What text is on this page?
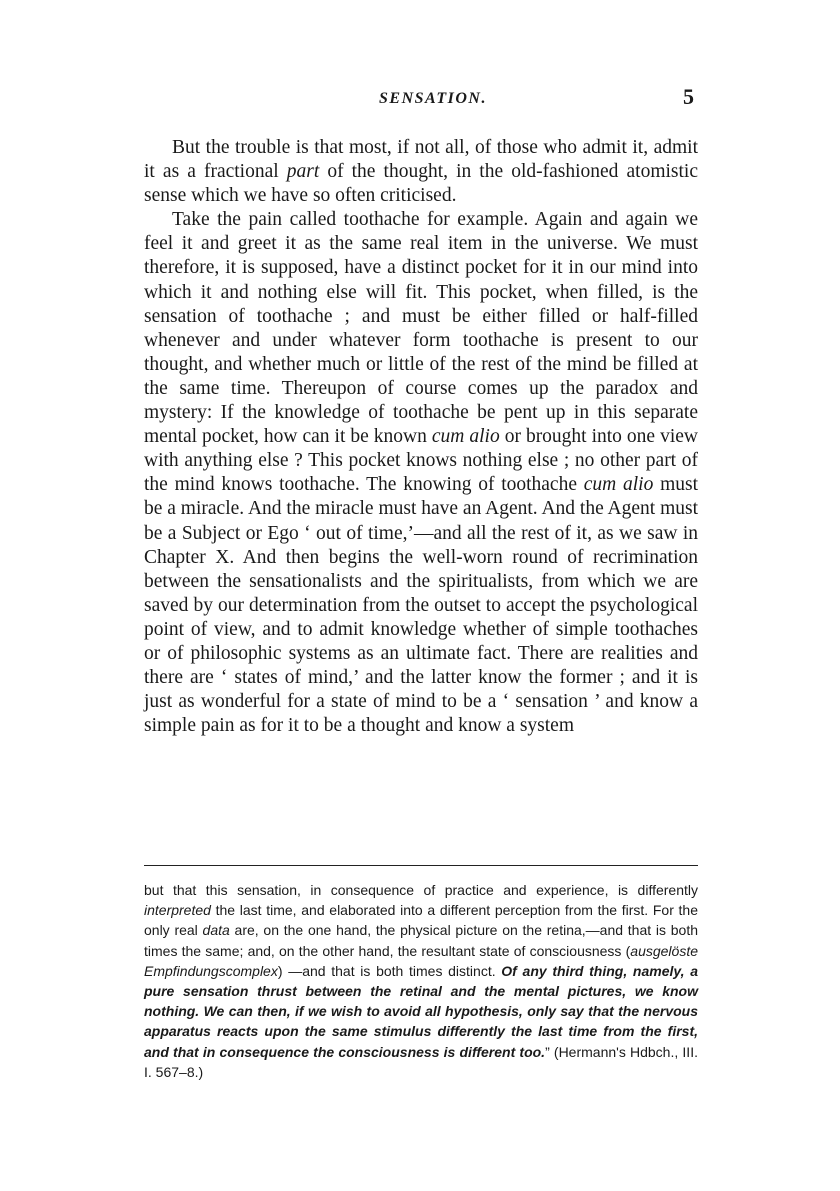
SENSATION.	5

But the trouble is that most, if not all, of those who admit it, admit it as a fractional part of the thought, in the old-fashioned atomistic sense which we have so often criticised.

Take the pain called toothache for example. Again and again we feel it and greet it as the same real item in the universe. We must therefore, it is supposed, have a distinct pocket for it in our mind into which it and nothing else will fit. This pocket, when filled, is the sensation of toothache ; and must be either filled or half-filled whenever and under whatever form toothache is present to our thought, and whether much or little of the rest of the mind be filled at the same time. Thereupon of course comes up the paradox and mystery: If the knowledge of toothache be pent up in this separate mental pocket, how can it be known cum alio or brought into one view with anything else ? This pocket knows nothing else ; no other part of the mind knows toothache. The knowing of toothache cum alio must be a miracle. And the miracle must have an Agent. And the Agent must be a Subject or Ego ‘ out of time,’—and all the rest of it, as we saw in Chapter X. And then begins the well-worn round of recrimination between the sensationalists and the spiritualists, from which we are saved by our determination from the outset to accept the psychological point of view, and to admit knowledge whether of simple toothaches or of philosophic systems as an ultimate fact. There are realities and there are ‘ states of mind,’ and the latter know the former ; and it is just as wonderful for a state of mind to be a ‘ sensation ’ and know a simple pain as for it to be a thought and know a system

but that this sensation, in consequence of practice and experience, is differently interpreted the last time, and elaborated into a different perception from the first. For the only real data are, on the one hand, the physical picture on the retina,—and that is both times the same; and, on the other hand, the resultant state of consciousness (ausgelöste Empfindungscomplex) —and that is both times distinct. Of any third thing, namely, a pure sensation thrust between the retinal and the mental pictures, we know nothing. We can then, if we wish to avoid all hypothesis, only say that the nervous apparatus reacts upon the same stimulus differently the last time from the first, and that in consequence the consciousness is different too.” (Hermann's Hdbch., III. I. 567–8.)
